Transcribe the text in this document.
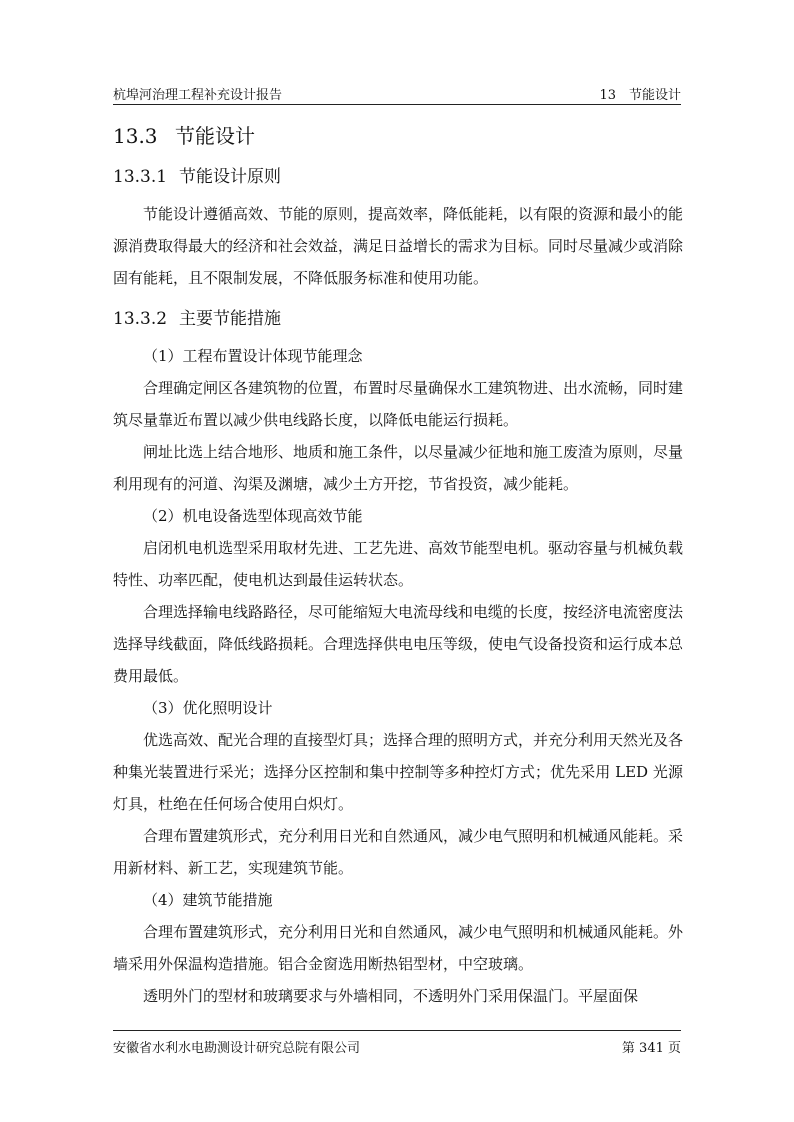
杭埠河治理工程补充设计报告	13　节能设计
13.3 节能设计
13.3.1 节能设计原则

节能设计遵循高效、节能的原则，提高效率，降低能耗，以有限的资源和最小的能源消费取得最大的经济和社会效益，满足日益增长的需求为目标。同时尽量减少或消除固有能耗，且不限制发展，不降低服务标准和使用功能。

13.3.2 主要节能措施

（1）工程布置设计体现节能理念

合理确定闸区各建筑物的位置，布置时尽量确保水工建筑物进、出水流畅，同时建筑尽量靠近布置以减少供电线路长度，以降低电能运行损耗。

闸址比选上结合地形、地质和施工条件，以尽量减少征地和施工废渣为原则，尽量利用现有的河道、沟渠及渊塘，减少土方开挖，节省投资，减少能耗。

（2）机电设备选型体现高效节能

启闭机电机选型采用取材先进、工艺先进、高效节能型电机。驱动容量与机械负载特性、功率匹配，使电机达到最佳运转状态。

合理选择输电线路路径，尽可能缩短大电流母线和电缆的长度，按经济电流密度法选择导线截面，降低线路损耗。合理选择供电电压等级，使电气设备投资和运行成本总费用最低。

（3）优化照明设计

优选高效、配光合理的直接型灯具；选择合理的照明方式，并充分利用天然光及各种集光装置进行采光；选择分区控制和集中控制等多种控灯方式；优先采用 LED 光源灯具，杜绝在任何场合使用白炽灯。

合理布置建筑形式，充分利用日光和自然通风，减少电气照明和机械通风能耗。采用新材料、新工艺，实现建筑节能。

（4）建筑节能措施

合理布置建筑形式，充分利用日光和自然通风，减少电气照明和机械通风能耗。外墙采用外保温构造措施。铝合金窗选用断热铝型材，中空玻璃。

透明外门的型材和玻璃要求与外墙相同，不透明外门采用保温门。平屋面保

安徽省水利水电勘测设计研究总院有限公司	第 341 页
